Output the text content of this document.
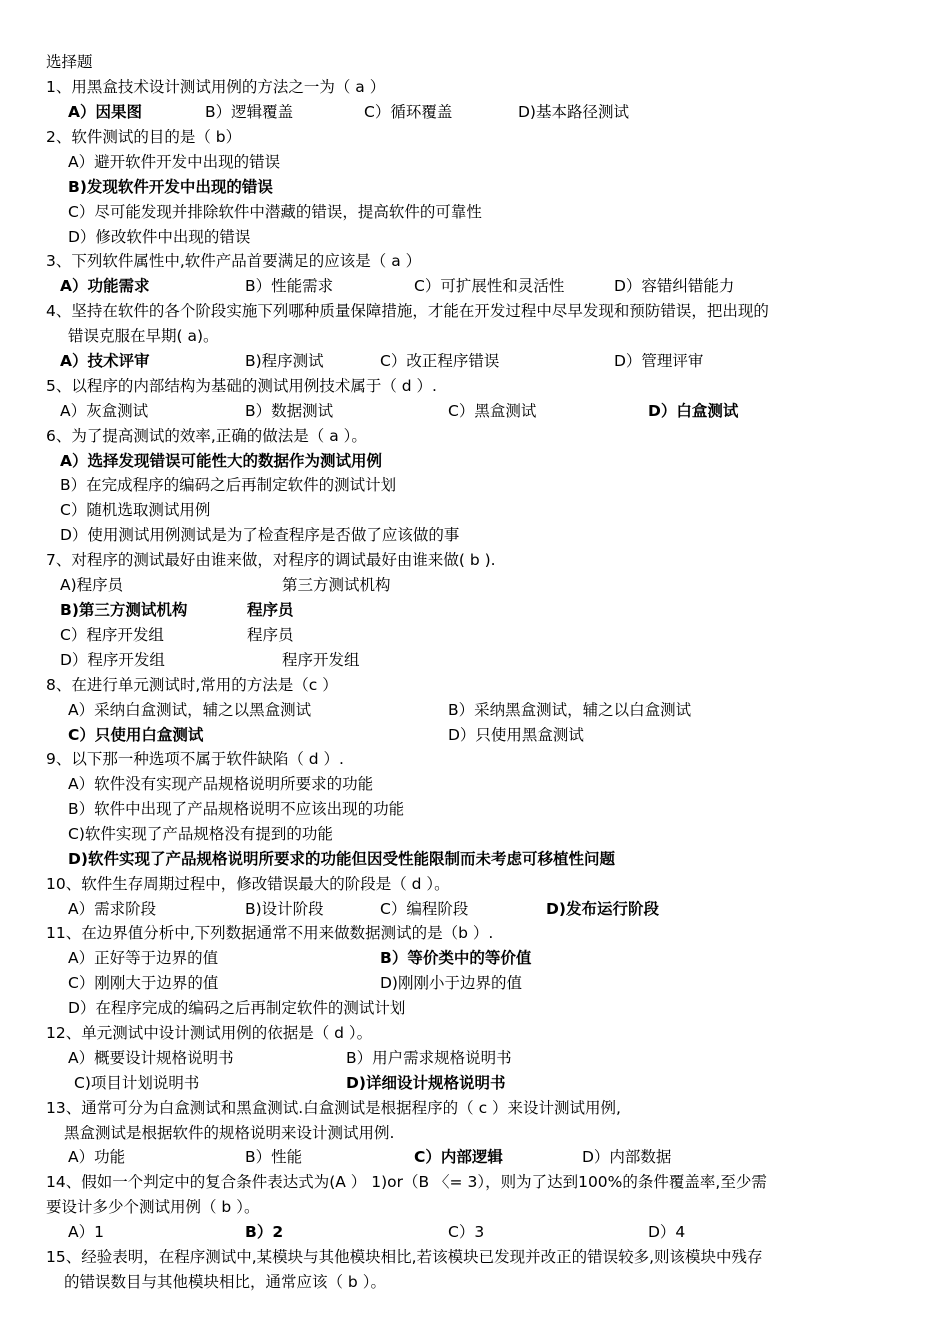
选择题
1、用黑盒技术设计测试用例的方法之一为（ a ）
A）因果图	B）逻辑覆盖	C）循环覆盖	D)基本路径测试
2、软件测试的目的是（ b）
A）避开软件开发中出现的错误
B)发现软件开发中出现的错误
C）尽可能发现并排除软件中潜藏的错误，提高软件的可靠性
D）修改软件中出现的错误
3、下列软件属性中,软件产品首要满足的应该是（ a ）
A）功能需求	B）性能需求	C）可扩展性和灵活性	D）容错纠错能力
4、坚持在软件的各个阶段实施下列哪种质量保障措施，才能在开发过程中尽早发现和预防错误，把出现的
错误克服在早期( a)。
A）技术评审	B)程序测试	C）改正程序错误	D）管理评审
5、以程序的内部结构为基础的测试用例技术属于（ d ）.
A）灰盒测试	B）数据测试	C）黑盒测试	D）白盒测试
6、为了提高测试的效率,正确的做法是（ a ）。
A）选择发现错误可能性大的数据作为测试用例
B）在完成程序的编码之后再制定软件的测试计划
C）随机选取测试用例
D）使用测试用例测试是为了检查程序是否做了应该做的事
7、对程序的测试最好由谁来做，对程序的调试最好由谁来做( b ).
A)程序员	第三方测试机构
B)第三方测试机构	程序员
C）程序开发组	程序员
D）程序开发组	程序开发组
8、在进行单元测试时,常用的方法是（c ）
A）采纳白盒测试，辅之以黑盒测试	B）采纳黑盒测试，辅之以白盒测试
C）只使用白盒测试	D）只使用黑盒测试
9、以下那一种选项不属于软件缺陷（ d ）.
A）软件没有实现产品规格说明所要求的功能
B）软件中出现了产品规格说明不应该出现的功能
C)软件实现了产品规格没有提到的功能
D)软件实现了产品规格说明所要求的功能但因受性能限制而未考虑可移植性问题
10、软件生存周期过程中，修改错误最大的阶段是（ d ）。
A）需求阶段	B)设计阶段	C）编程阶段	D)发布运行阶段
11、在边界值分析中,下列数据通常不用来做数据测试的是（b ）.
A）正好等于边界的值	B）等价类中的等价值
C）刚刚大于边界的值	D)刚刚小于边界的值
D）在程序完成的编码之后再制定软件的测试计划
12、单元测试中设计测试用例的依据是（ d ）。
A）概要设计规格说明书	B）用户需求规格说明书
C)项目计划说明书	D)详细设计规格说明书
13、通常可分为白盒测试和黑盒测试.白盒测试是根据程序的（ c ）来设计测试用例,
黑盒测试是根据软件的规格说明来设计测试用例.
A）功能	B）性能	C）内部逻辑	D）内部数据
14、假如一个判定中的复合条件表达式为(A ） 1)or（B 〈= 3），则为了达到100%的条件覆盖率,至少需
要设计多少个测试用例（ b ）。
A）1	B）2	C）3	D）4
15、经验表明，在程序测试中,某模块与其他模块相比,若该模块已发现并改正的错误较多,则该模块中残存
的错误数目与其他模块相比，通常应该（ b ）。
